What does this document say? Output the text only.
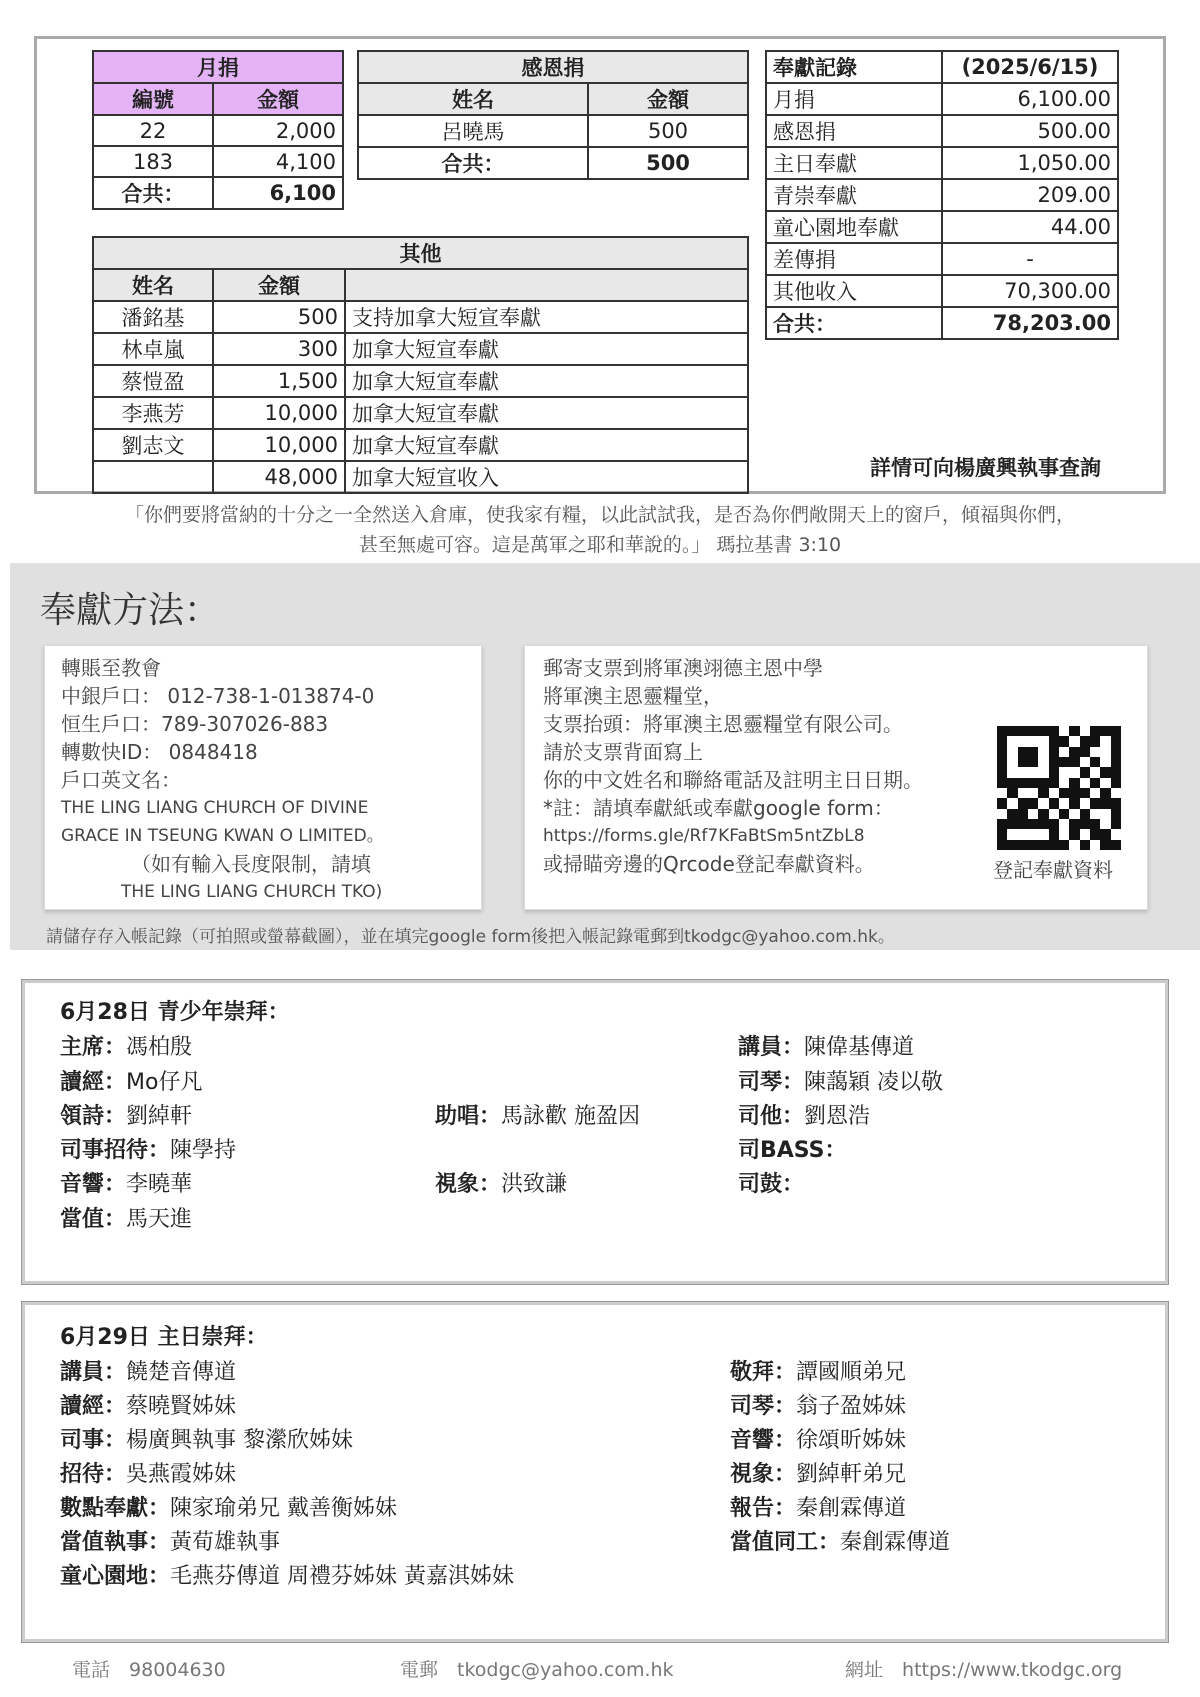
月捐	
編號	金額
22	2,000
183	4,100
合共：	6,100
感恩捐	
姓名	金額
呂曉馬	500
合共：	500
奉獻記錄	(2025/6/15)
月捐	6,100.00
感恩捐	500.00
主日奉獻	1,050.00
青崇奉獻	209.00
童心園地奉獻	44.00
差傳捐	-
其他收入	70,300.00
合共：	78,203.00
其他		
姓名	金額	
潘銘基	500	支持加拿大短宣奉獻
林卓嵐	300	加拿大短宣奉獻
蔡愷盈	1,500	加拿大短宣奉獻
李燕芳	10,000	加拿大短宣奉獻
劉志文	10,000	加拿大短宣奉獻
	48,000	加拿大短宣收入	詳情可向楊廣興執事查詢
「你們要將當納的十分之一全然送入倉庫，使我家有糧，以此試試我，是否為你們敞開天上的窗戶，傾福與你們，
甚至無處可容。這是萬軍之耶和華說的。」 瑪拉基書 3:10
奉獻方法：
轉賬至教會
中銀戶口： 012-738-1-013874-0
恒生戶口：789-307026-883
轉數快ID： 0848418
戶口英文名：
THE LING LIANG CHURCH OF DIVINE
GRACE IN TSEUNG KWAN O LIMITED。
（如有輸入長度限制，請填
THE LING LIANG CHURCH TKO)
郵寄支票到將軍澳翊德主恩中學
將軍澳主恩靈糧堂，
支票抬頭：將軍澳主恩靈糧堂有限公司。
請於支票背面寫上
你的中文姓名和聯絡電話及註明主日日期。
*註：請填奉獻紙或奉獻google form：
https://forms.gle/Rf7KFaBtSm5ntZbL8
或掃瞄旁邊的Qrcode登記奉獻資料。	登記奉獻資料
請儲存存入帳記錄（可拍照或螢幕截圖），並在填完google form後把入帳記錄電郵到tkodgc@yahoo.com.hk。
6月28日 青少年崇拜：
主席：馮柏殷	講員：陳偉基傳道
讀經：Mo仔凡	司琴：陳藹穎 凌以敬
領詩：劉綽軒	助唱：馬詠歡 施盈因	司他：劉恩浩
司事招待：陳學持	司BASS：
音響：李曉華	視象：洪致謙	司鼓：
當值：馬天進
6月29日 主日崇拜：
講員：饒楚音傳道	敬拜：譚國順弟兄
讀經：蔡曉賢姊妹	司琴：翁子盈姊妹
司事：楊廣興執事 黎瀠欣姊妹	音響：徐頌昕姊妹
招待：吳燕霞姊妹	視象：劉綽軒弟兄
數點奉獻：陳家瑜弟兄 戴善衡姊妹	報告：秦創霖傳道
當值執事：黃荀雄執事	當值同工：秦創霖傳道
童心園地：毛燕芬傳道 周禮芬姊妹 黃嘉淇姊妹
電話　 98004630	電郵　 tkodgc@yahoo.com.hk	網址　 https://www.tkodgc.org
